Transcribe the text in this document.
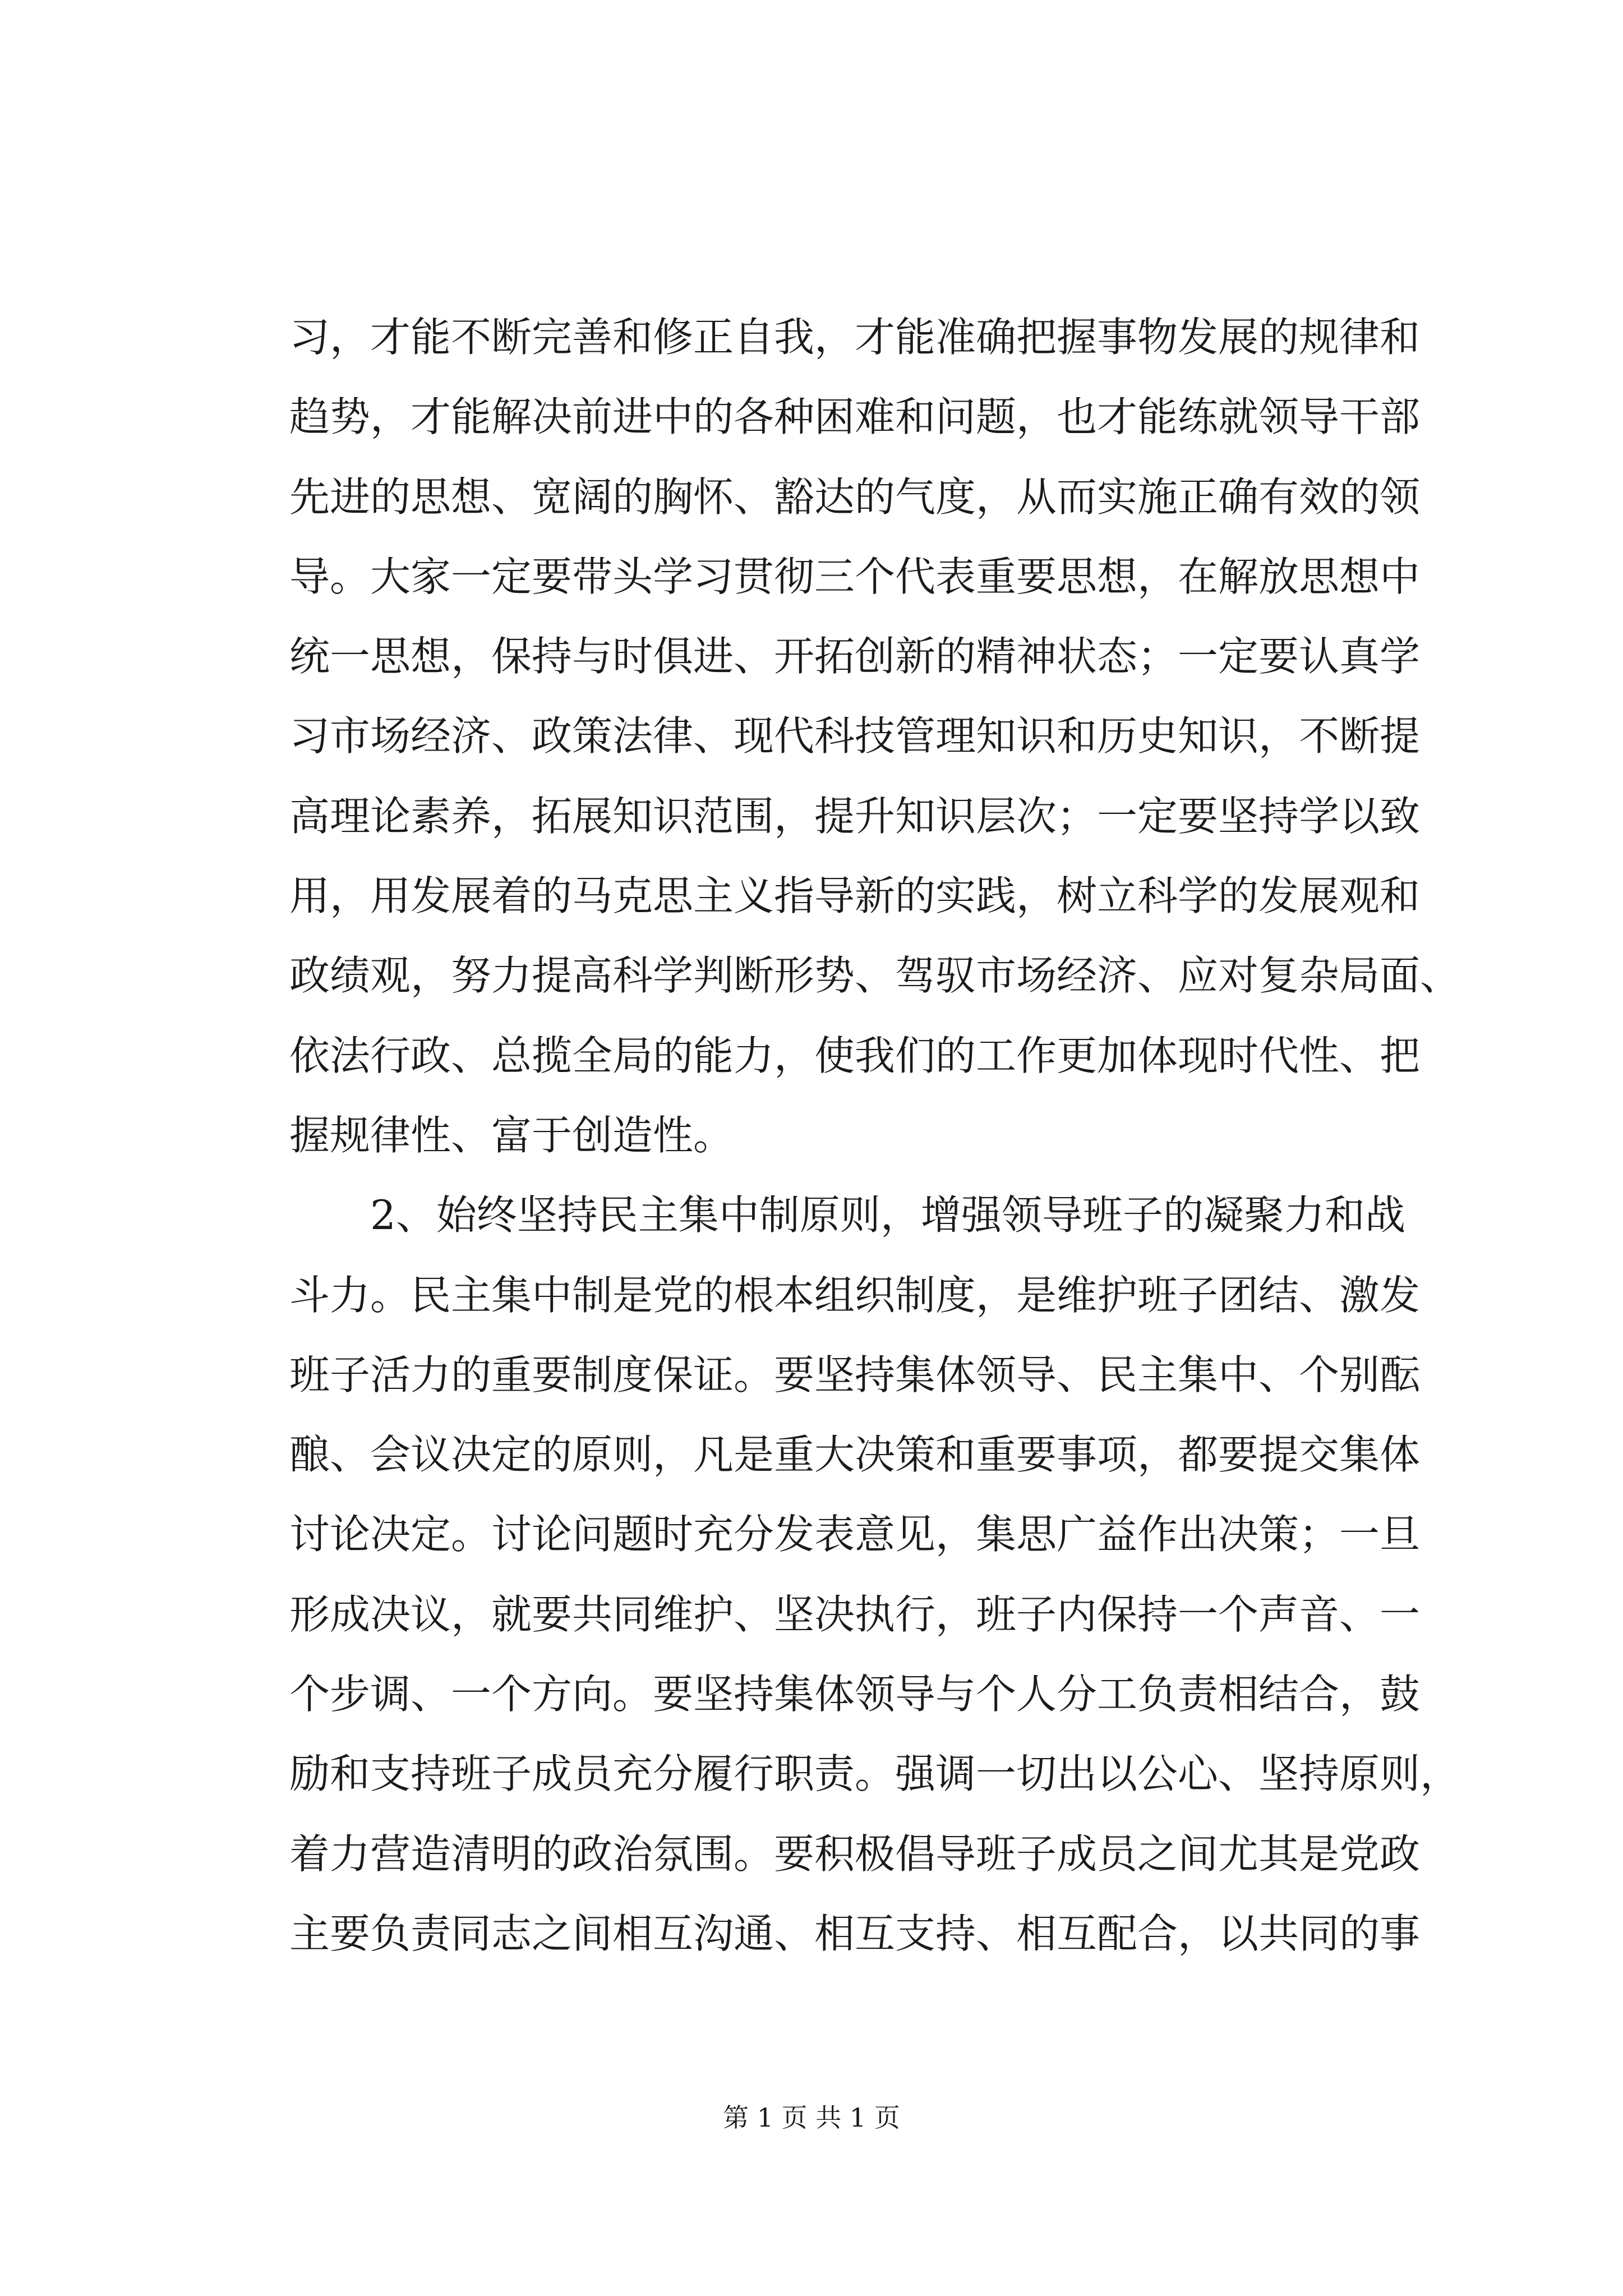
习，才能不断完善和修正自我，才能准确把握事物发展的规律和
趋势，才能解决前进中的各种困难和问题，也才能练就领导干部
先进的思想、宽阔的胸怀、豁达的气度，从而实施正确有效的领
导。大家一定要带头学习贯彻三个代表重要思想，在解放思想中
统一思想，保持与时俱进、开拓创新的精神状态；一定要认真学
习市场经济、政策法律、现代科技管理知识和历史知识，不断提
高理论素养，拓展知识范围，提升知识层次；一定要坚持学以致
用，用发展着的马克思主义指导新的实践，树立科学的发展观和
政绩观，努力提高科学判断形势、驾驭市场经济、应对复杂局面、
依法行政、总揽全局的能力，使我们的工作更加体现时代性、把
握规律性、富于创造性。
　　2、始终坚持民主集中制原则，增强领导班子的凝聚力和战
斗力。民主集中制是党的根本组织制度，是维护班子团结、激发
班子活力的重要制度保证。要坚持集体领导、民主集中、个别酝
酿、会议决定的原则，凡是重大决策和重要事项，都要提交集体
讨论决定。讨论问题时充分发表意见，集思广益作出决策；一旦
形成决议，就要共同维护、坚决执行，班子内保持一个声音、一
个步调、一个方向。要坚持集体领导与个人分工负责相结合，鼓
励和支持班子成员充分履行职责。强调一切出以公心、坚持原则，
着力营造清明的政治氛围。要积极倡导班子成员之间尤其是党政
主要负责同志之间相互沟通、相互支持、相互配合，以共同的事
第 1 页 共 1 页
